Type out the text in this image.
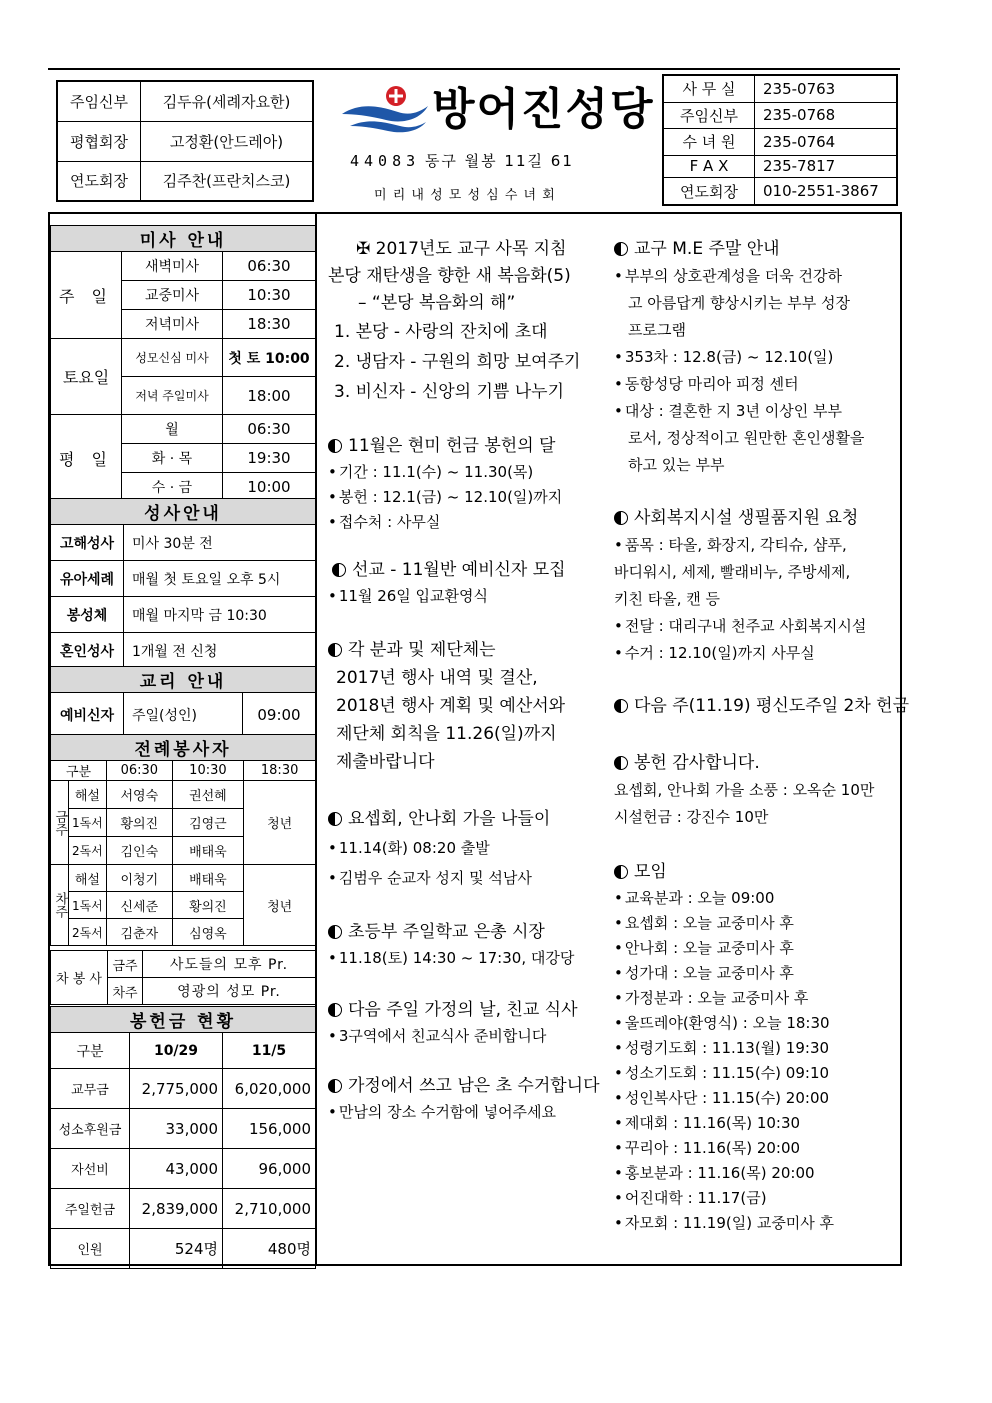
주임신부	김두유(세례자요한)
평협회장	고정환(안드레아)
연도회장	김주찬(프란치스코)
방어진성당
44083 동구 월봉 11길 61
미 리 내 성 모 성 심 수 녀 회
사 무 실	235-0763
주임신부	235-0768
수 녀 원	235-0764
F A X	235-7817
연도회장	010-2551-3867
미사 안내		
주 일	새벽미사	06:30
	교중미사	10:30
	저녁미사	18:30
토요일	성모신심 미사	첫 토 10:00
	저녁 주일미사	18:00
평 일	월	06:30
	화 · 목	19:30
	수 · 금	10:00
성사안내	
고해성사	미사 30분 전
유아세례	매월 첫 토요일 오후 5시
봉성체	매월 마지막 금 10:30
혼인성사	1개월 전 신청
교리 안내
예비신자	주일(성인)	09:00
전례봉사자				
구분		06:30	10:30	18:30
금주	해설	서영숙	권선혜	청년
	1독서	황의진	김영근	
	2독서	김인숙	배태욱	
차주	해설	이청기	배태욱	청년
	1독서	신세준	황의진	
	2독서	김춘자	심영옥	
차 봉 사	금주	사도들의 모후 Pr.
	차주	영광의 성모 Pr.
봉헌금 현황		
구분	10/29	11/5
교무금	2,775,000	6,020,000
성소후원금	33,000	156,000
자선비	43,000	96,000
주일헌금	2,839,000	2,710,000
인원	524명	480명

✠ 2017년도 교구 사목 지침

본당 재탄생을 향한 새 복음화(5)

– “본당 복음화의 해”

1. 본당 - 사랑의 잔치에 초대

2. 냉담자 - 구원의 희망 보여주기

3. 비신자 - 신앙의 기쁨 나누기

11월은 현미 헌금 봉헌의 달

• 기간 : 11.1(수) ~ 11.30(목)

• 봉헌 : 12.1(금) ~ 12.10(일)까지

• 접수처 : 사무실

선교 - 11월반 예비신자 모집

• 11월 26일 입교환영식

각 분과 및 제단체는

2017년 행사 내역 및 결산,

2018년 행사 계획 및 예산서와

제단체 회칙을 11.26(일)까지

제출바랍니다

요셉회, 안나회 가을 나들이

• 11.14(화) 08:20 출발

• 김범우 순교자 성지 및 석남사

초등부 주일학교 은총 시장

• 11.18(토) 14:30 ~ 17:30, 대강당

다음 주일 가정의 날, 친교 식사

• 3구역에서 친교식사 준비합니다

가정에서 쓰고 남은 초 수거합니다

• 만남의 장소 수거함에 넣어주세요

교구 M.E 주말 안내

• 부부의 상호관계성을 더욱 건강하

고 아름답게 향상시키는 부부 성장

프로그램

• 353차 : 12.8(금) ~ 12.10(일)

• 동항성당 마리아 피정 센터

• 대상 : 결혼한 지 3년 이상인 부부

로서, 정상적이고 원만한 혼인생활을

하고 있는 부부

사회복지시설 생필품지원 요청

• 품목 : 타올, 화장지, 각티슈, 샴푸,

바디워시, 세제, 빨래비누, 주방세제,

키친 타올, 캔 등

• 전달 : 대리구내 천주교 사회복지시설

• 수거 : 12.10(일)까지 사무실

다음 주(11.19) 평신도주일 2차 헌금

봉헌 감사합니다.

요셉회, 안나회 가을 소풍 : 오옥순 10만

시설헌금 : 강진수 10만

모임

• 교육분과 : 오늘 09:00

• 요셉회 : 오늘 교중미사 후

• 안나회 : 오늘 교중미사 후

• 성가대 : 오늘 교중미사 후

• 가정분과 : 오늘 교중미사 후

• 울뜨레야(환영식) : 오늘 18:30

• 성령기도회 : 11.13(월) 19:30

• 성소기도회 : 11.15(수) 09:10

• 성인복사단 : 11.15(수) 20:00

• 제대회 : 11.16(목) 10:30

• 꾸리아 : 11.16(목) 20:00

• 홍보분과 : 11.16(목) 20:00

• 어진대학 : 11.17(금)

• 자모회 : 11.19(일) 교중미사 후
